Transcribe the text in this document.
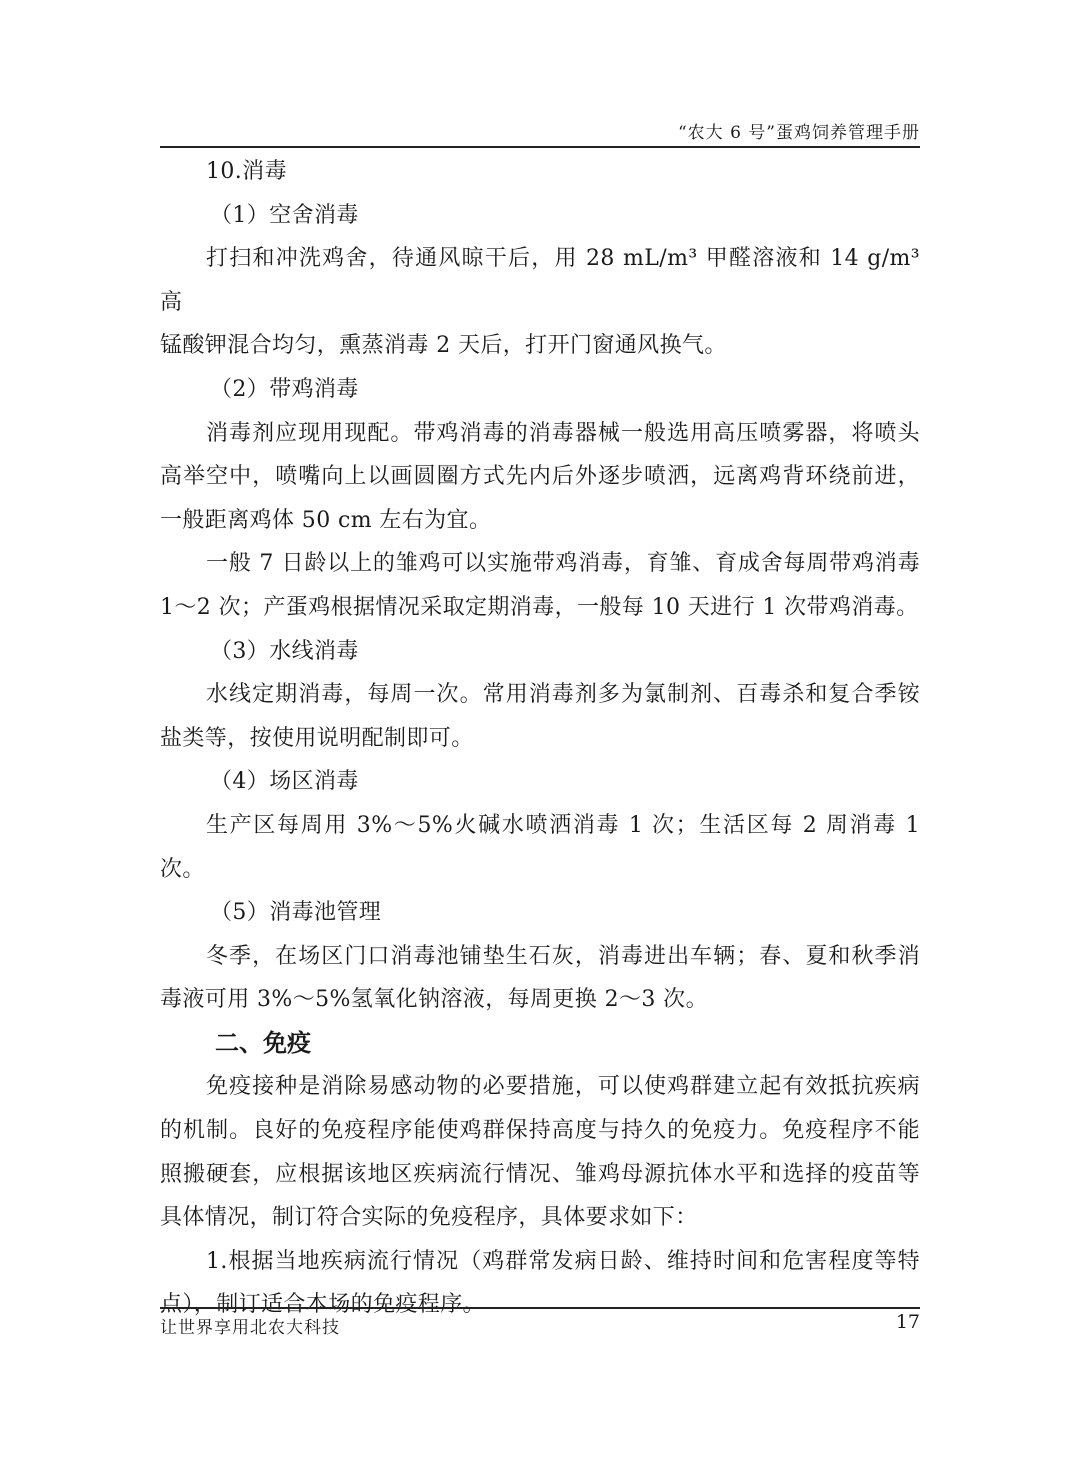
“农大 6 号”蛋鸡饲养管理手册

10.消毒

（1）空舍消毒

打扫和冲洗鸡舍，待通风晾干后，用 28 mL/m³ 甲醛溶液和 14 g/m³ 高

锰酸钾混合均匀，熏蒸消毒 2 天后，打开门窗通风换气。

（2）带鸡消毒

消毒剂应现用现配。带鸡消毒的消毒器械一般选用高压喷雾器，将喷头高举空中，喷嘴向上以画圆圈方式先内后外逐步喷洒，远离鸡背环绕前进，一般距离鸡体 50 cm 左右为宜。

一般 7 日龄以上的雏鸡可以实施带鸡消毒，育雏、育成舍每周带鸡消毒 1～2 次；产蛋鸡根据情况采取定期消毒，一般每 10 天进行 1 次带鸡消毒。

（3）水线消毒

水线定期消毒，每周一次。常用消毒剂多为氯制剂、百毒杀和复合季铵盐类等，按使用说明配制即可。

（4）场区消毒

生产区每周用 3%～5%火碱水喷洒消毒 1 次；生活区每 2 周消毒 1 次。

（5）消毒池管理

冬季，在场区门口消毒池铺垫生石灰，消毒进出车辆；春、夏和秋季消毒液可用 3%～5%氢氧化钠溶液，每周更换 2～3 次。

二、免疫

免疫接种是消除易感动物的必要措施，可以使鸡群建立起有效抵抗疾病的机制。良好的免疫程序能使鸡群保持高度与持久的免疫力。免疫程序不能照搬硬套，应根据该地区疾病流行情况、雏鸡母源抗体水平和选择的疫苗等具体情况，制订符合实际的免疫程序，具体要求如下：

1.根据当地疾病流行情况（鸡群常发病日龄、维持时间和危害程度等特点），制订适合本场的免疫程序。

让世界享用北农大科技	17
